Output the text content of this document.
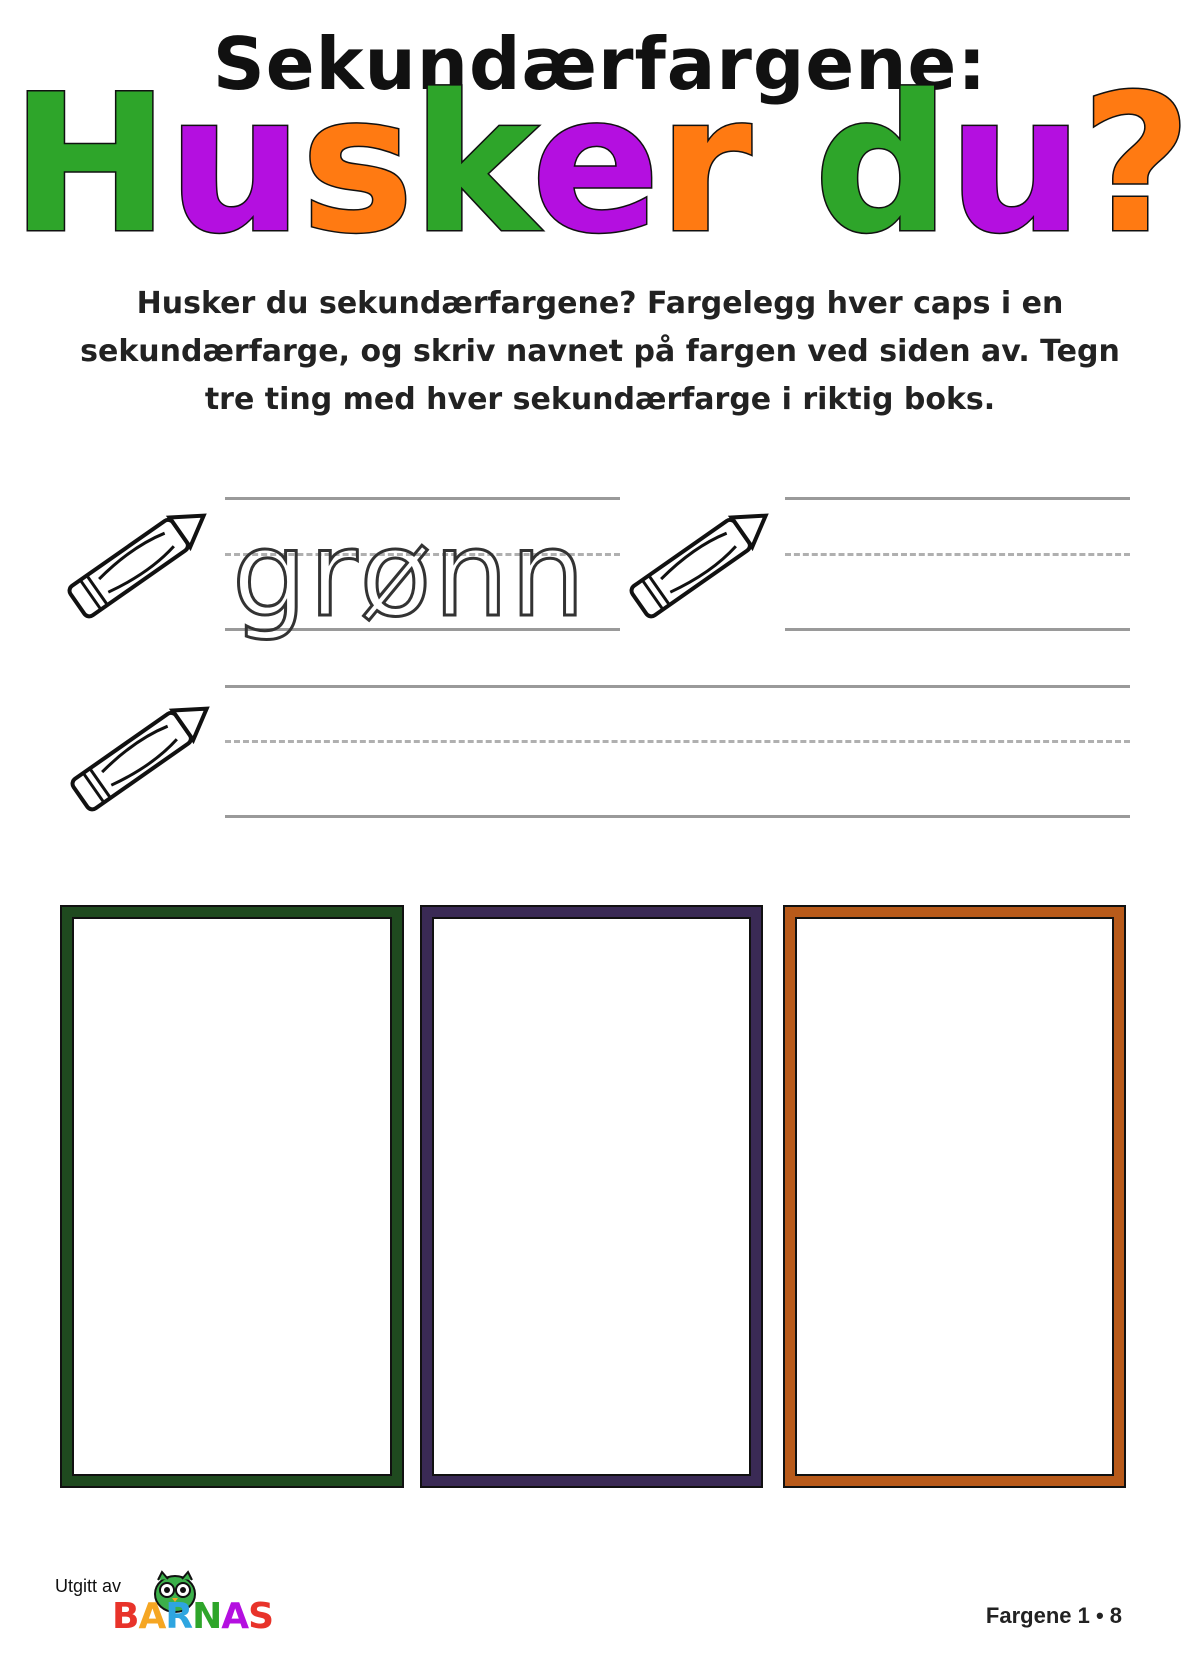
Sekundærfargene:
Husker du?
Husker du sekundærfargene? Fargelegg hver caps i en sekundærfarge, og skriv navnet på fargen ved siden av. Tegn tre ting med hver sekundærfarge i riktig boks.
grønn
Utgitt av
BARNAS	Fargene 1 • 8
